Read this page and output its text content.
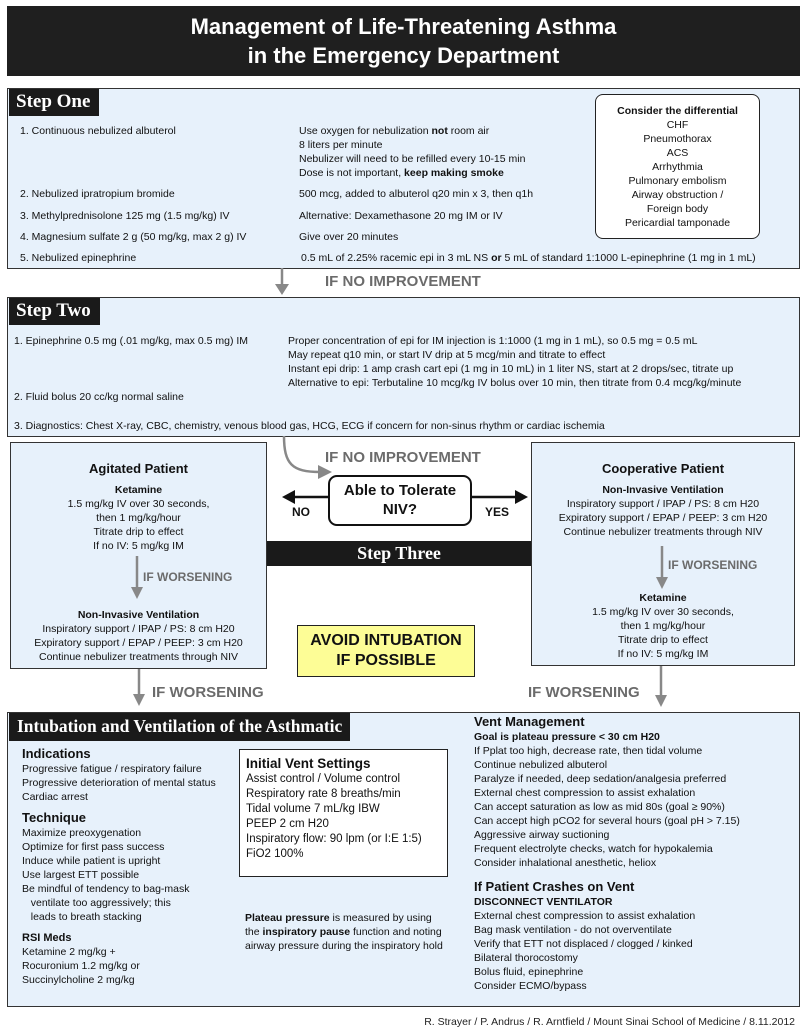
Management of Life-Threatening Asthma
in the Emergency Department
Step One
1. Continuous nebulized albuterol	Use oxygen for nebulization not room air
8 liters per minute
Nebulizer will need to be refilled every 10-15 min
Dose is not important, keep making smoke
2. Nebulized ipratropium bromide	500 mcg, added to albuterol q20 min x 3, then q1h
3. Methylprednisolone 125 mg (1.5 mg/kg) IV	Alternative: Dexamethasone 20 mg IM or IV
4. Magnesium sulfate 2 g (50 mg/kg, max 2 g) IV	Give over 20 minutes
5. Nebulized epinephrine	0.5 mL of 2.25% racemic epi in 3 mL NS or 5 mL of standard 1:1000 L-epinephrine (1 mg in 1 mL)
Consider the differential
CHF
Pneumothorax
ACS
Arrhythmia
Pulmonary embolism
Airway obstruction /
Foreign body
Pericardial tamponade
IF NO IMPROVEMENT
Step Two
1. Epinephrine 0.5 mg (.01 mg/kg, max 0.5 mg) IM	Proper concentration of epi for IM injection is 1:1000 (1 mg in 1 mL), so 0.5 mg = 0.5 mL
May repeat q10 min, or start IV drip at 5 mcg/min and titrate to effect
Instant epi drip: 1 amp crash cart epi (1 mg in 10 mL) in 1 liter NS, start at 2 drops/sec, titrate up
Alternative to epi: Terbutaline 10 mcg/kg IV bolus over 10 min, then titrate from 0.4 mcg/kg/minute
2. Fluid bolus 20 cc/kg normal saline
3. Diagnostics: Chest X-ray, CBC, chemistry, venous blood gas, HCG, ECG if concern for non-sinus rhythm or cardiac ischemia
Agitated Patient
Ketamine
1.5 mg/kg IV over 30 seconds,
then 1 mg/kg/hour
Titrate drip to effect
If no IV: 5 mg/kg IM
IF WORSENING
Non-Invasive Ventilation
Inspiratory support / IPAP / PS: 8 cm H20
Expiratory support / EPAP / PEEP: 3 cm H20
Continue nebulizer treatments through NIV
Cooperative Patient
Non-Invasive Ventilation
Inspiratory support / IPAP / PS: 8 cm H20
Expiratory support / EPAP / PEEP: 3 cm H20
Continue nebulizer treatments through NIV
IF WORSENING
Ketamine
1.5 mg/kg IV over 30 seconds,
then 1 mg/kg/hour
Titrate drip to effect
If no IV: 5 mg/kg IM
IF NO IMPROVEMENT
Able to Tolerate NIV?
NO	YES
Step Three
AVOID INTUBATION
IF POSSIBLE
IF WORSENING	IF WORSENING
Intubation and Ventilation of the Asthmatic
Indications
Progressive fatigue / respiratory failure
Progressive deterioration of mental status
Cardiac arrest
Technique
Maximize preoxygenation
Optimize for first pass success
Induce while patient is upright
Use largest ETT possible
Be mindful of tendency to bag-mask
ventilate too aggressively; this
leads to breath stacking
RSI Meds
Ketamine 2 mg/kg +
Rocuronium 1.2 mg/kg or
Succinylcholine 2 mg/kg
Initial Vent Settings
Assist control / Volume control
Respiratory rate 8 breaths/min
Tidal volume 7 mL/kg IBW
PEEP 2 cm H20
Inspiratory flow: 90 lpm (or I:E 1:5)
FiO2 100%
Plateau pressure is measured by using the inspiratory pause function and noting airway pressure during the inspiratory hold
Vent Management
Goal is plateau pressure < 30 cm H20
If Pplat too high, decrease rate, then tidal volume
Continue nebulized albuterol
Paralyze if needed, deep sedation/analgesia preferred
External chest compression to assist exhalation
Can accept saturation as low as mid 80s (goal ≥ 90%)
Can accept high pCO2 for several hours (goal pH > 7.15)
Aggressive airway suctioning
Frequent electrolyte checks, watch for hypokalemia
Consider inhalational anesthetic, heliox
If Patient Crashes on Vent
DISCONNECT VENTILATOR
External chest compression to assist exhalation
Bag mask ventilation - do not overventilate
Verify that ETT not displaced / clogged / kinked
Bilateral thorocostomy
Bolus fluid, epinephrine
Consider ECMO/bypass
R. Strayer / P. Andrus / R. Arntfield / Mount Sinai School of Medicine / 8.11.2012
